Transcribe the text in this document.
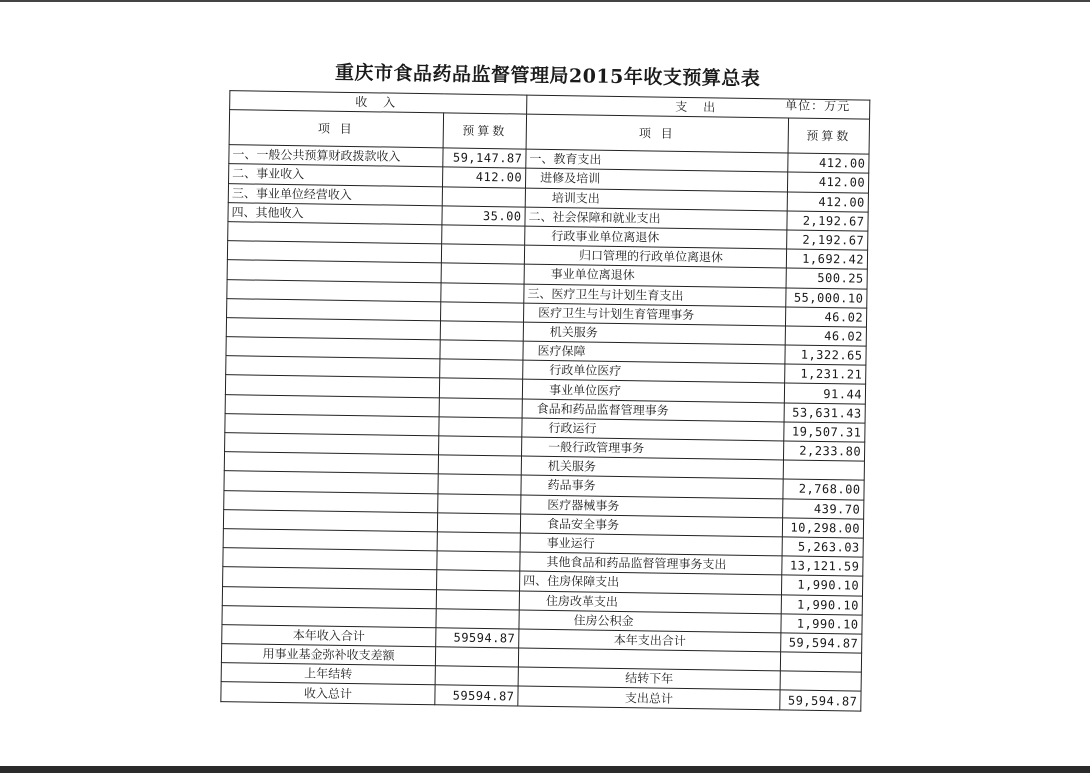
重庆市食品药品监督管理局2015年收支预算总表
单位：万元
收 入		支 出	
项 目	预算数	项 目	预算数
一、一般公共预算财政拨款收入	59,147.87	一、教育支出	412.00
二、事业收入	412.00	进修及培训	412.00
三、事业单位经营收入		培训支出	412.00
四、其他收入	35.00	二、社会保障和就业支出	2,192.67
		行政事业单位离退休	2,192.67
		归口管理的行政单位离退休	1,692.42
		事业单位离退休	500.25
		三、医疗卫生与计划生育支出	55,000.10
		医疗卫生与计划生育管理事务	46.02
		机关服务	46.02
		医疗保障	1,322.65
		行政单位医疗	1,231.21
		事业单位医疗	91.44
		食品和药品监督管理事务	53,631.43
		行政运行	19,507.31
		一般行政管理事务	2,233.80
		机关服务	
		药品事务	2,768.00
		医疗器械事务	439.70
		食品安全事务	10,298.00
		事业运行	5,263.03
		其他食品和药品监督管理事务支出	13,121.59
		四、住房保障支出	1,990.10
		住房改革支出	1,990.10
		住房公积金	1,990.10
本年收入合计	59594.87	本年支出合计	59,594.87
用事业基金弥补收支差额			
上年结转		结转下年	
收入总计	59594.87	支出总计	59,594.87
